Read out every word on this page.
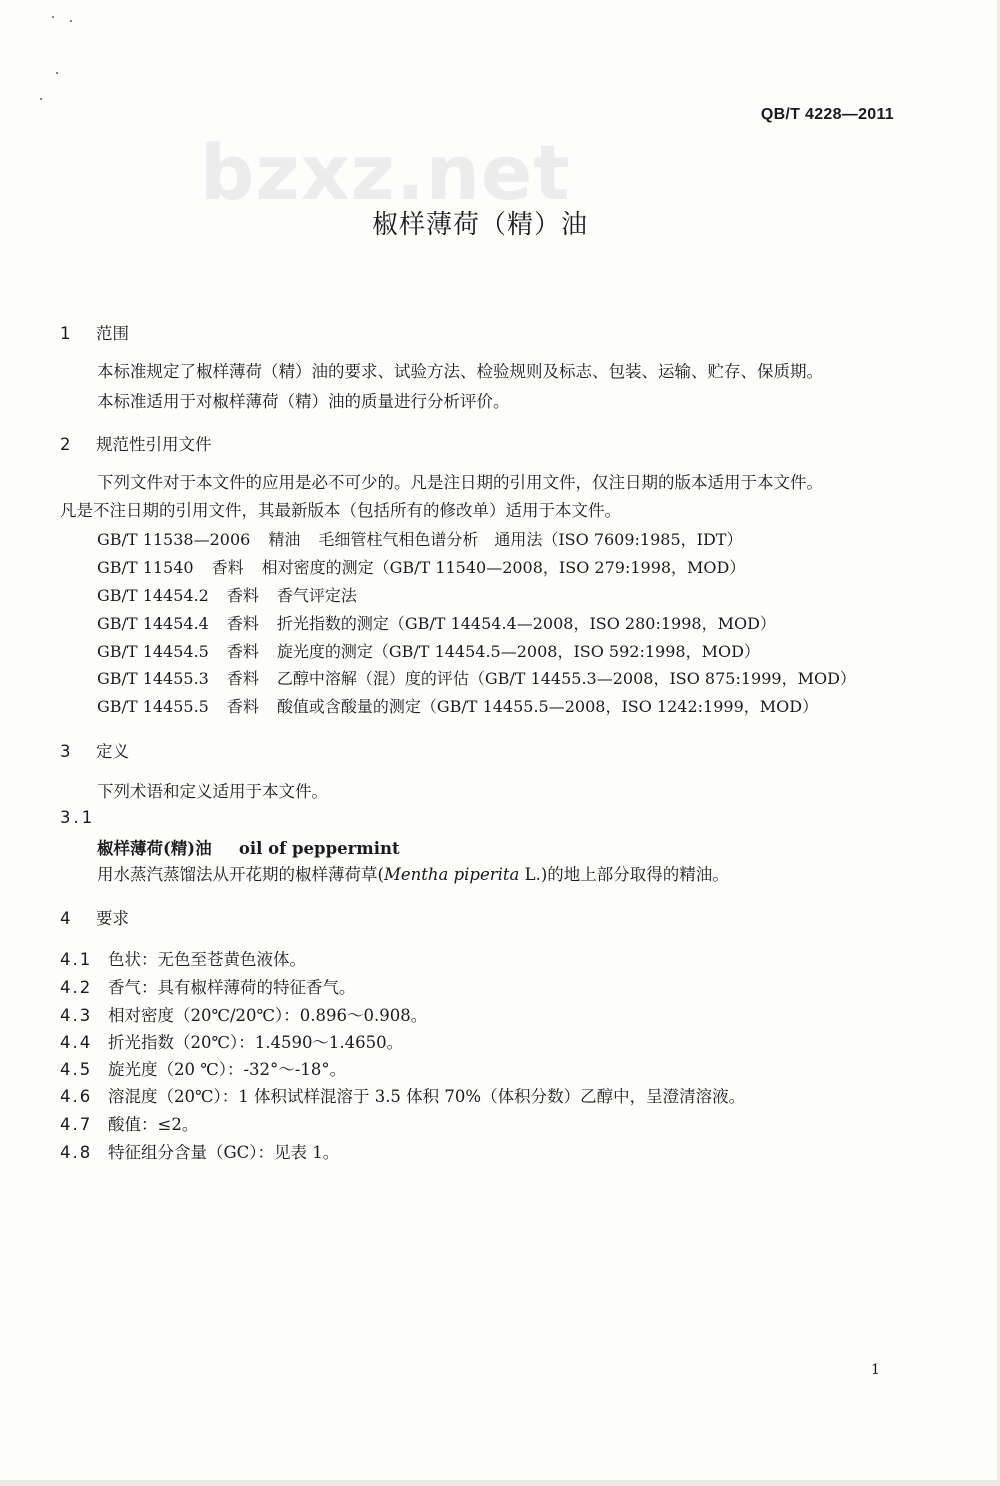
QB/T 4228—2011
bzxz.net
椒样薄荷（精）油
1 范围
本标准规定了椒样薄荷（精）油的要求、试验方法、检验规则及标志、包装、运输、贮存、保质期。
本标准适用于对椒样薄荷（精）油的质量进行分析评价。
2 规范性引用文件
下列文件对于本文件的应用是必不可少的。凡是注日期的引用文件，仅注日期的版本适用于本文件。
凡是不注日期的引用文件，其最新版本（包括所有的修改单）适用于本文件。
GB/T 11538—2006 精油 毛细管柱气相色谱分析　通用法（ISO 7609:1985，IDT）
GB/T 11540 香料 相对密度的测定（GB/T 11540—2008，ISO 279:1998，MOD）
GB/T 14454.2 香料 香气评定法
GB/T 14454.4 香料 折光指数的测定（GB/T 14454.4—2008，ISO 280:1998，MOD）
GB/T 14454.5 香料 旋光度的测定（GB/T 14454.5—2008，ISO 592:1998，MOD）
GB/T 14455.3 香料 乙醇中溶解（混）度的评估（GB/T 14455.3—2008，ISO 875:1999，MOD）
GB/T 14455.5 香料 酸值或含酸量的测定（GB/T 14455.5—2008，ISO 1242:1999，MOD）
3 定义
下列术语和定义适用于本文件。
3.1
椒样薄荷(精)油 oil of peppermint
用水蒸汽蒸馏法从开花期的椒样薄荷草(Mentha piperita L.)的地上部分取得的精油。
4 要求
4.1 色状：无色至苍黄色液体。
4.2 香气：具有椒样薄荷的特征香气。
4.3 相对密度（20℃/20℃）：0.896～0.908。
4.4 折光指数（20℃）：1.4590～1.4650。
4.5 旋光度（20 ℃）：-32°～-18°。
4.6 溶混度（20℃）：1 体积试样混溶于 3.5 体积 70%（体积分数）乙醇中，呈澄清溶液。
4.7 酸值：≤2。
4.8 特征组分含量（GC）：见表 1。
1
